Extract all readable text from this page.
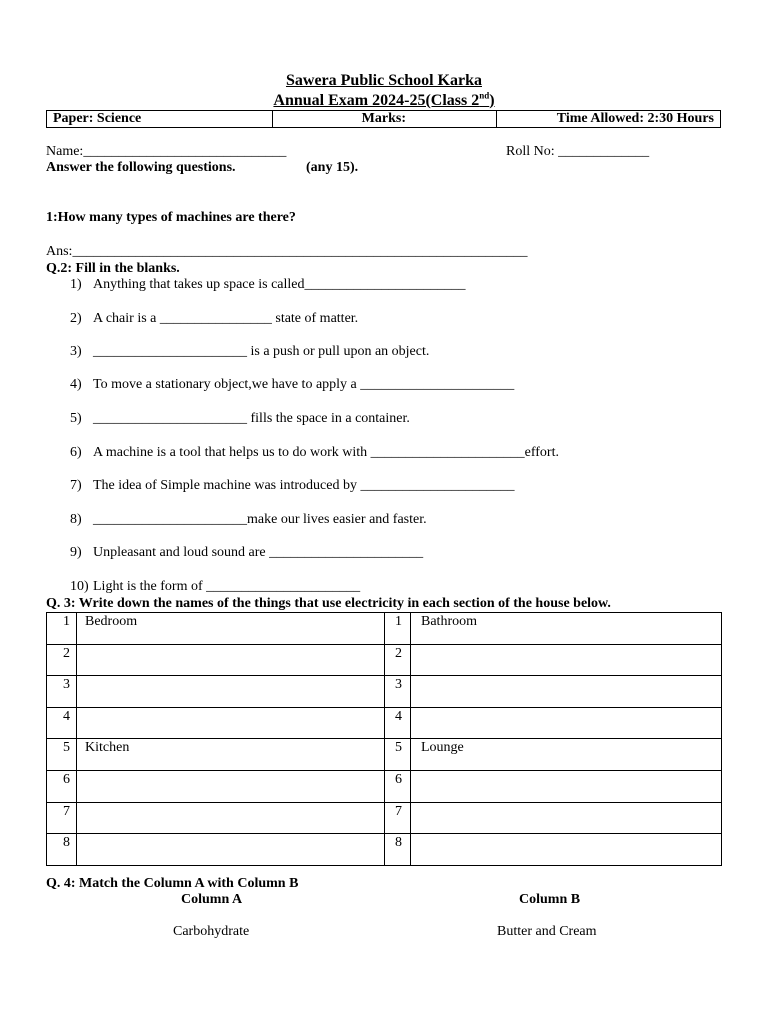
Sawera Public School Karka
Annual Exam 2024-25(Class 2nd)
Paper: Science	Marks:	Time Allowed: 2:30 Hours
Name:_____________________________	Roll No: _____________
Answer the following questions.	(any 15).
1:How many types of machines are there?
Ans:_________________________________________________________________
Q.2: Fill in the blanks.
1) Anything that takes up space is called_______________________
2) A chair is a ________________ state of matter.
3) ______________________ is a push or pull upon an object.
4) To move a stationary object,we have to apply a ______________________
5) ______________________ fills the space in a container.
6) A machine is a tool that helps us to do work with ______________________effort.
7) The idea of Simple machine was introduced by ______________________
8) ______________________make our lives easier and faster.
9) Unpleasant and loud sound are ______________________
10) Light is the form of ______________________
Q. 3: Write down the names of the things that use electricity in each section of the house below.
1	Bedroom	1	Bathroom
2		2	
3		3	
4		4	
5	Kitchen	5	Lounge
6		6	
7		7	
8		8	
Q. 4: Match the Column A with Column B
Column A	Column B
Carbohydrate	Butter and Cream
